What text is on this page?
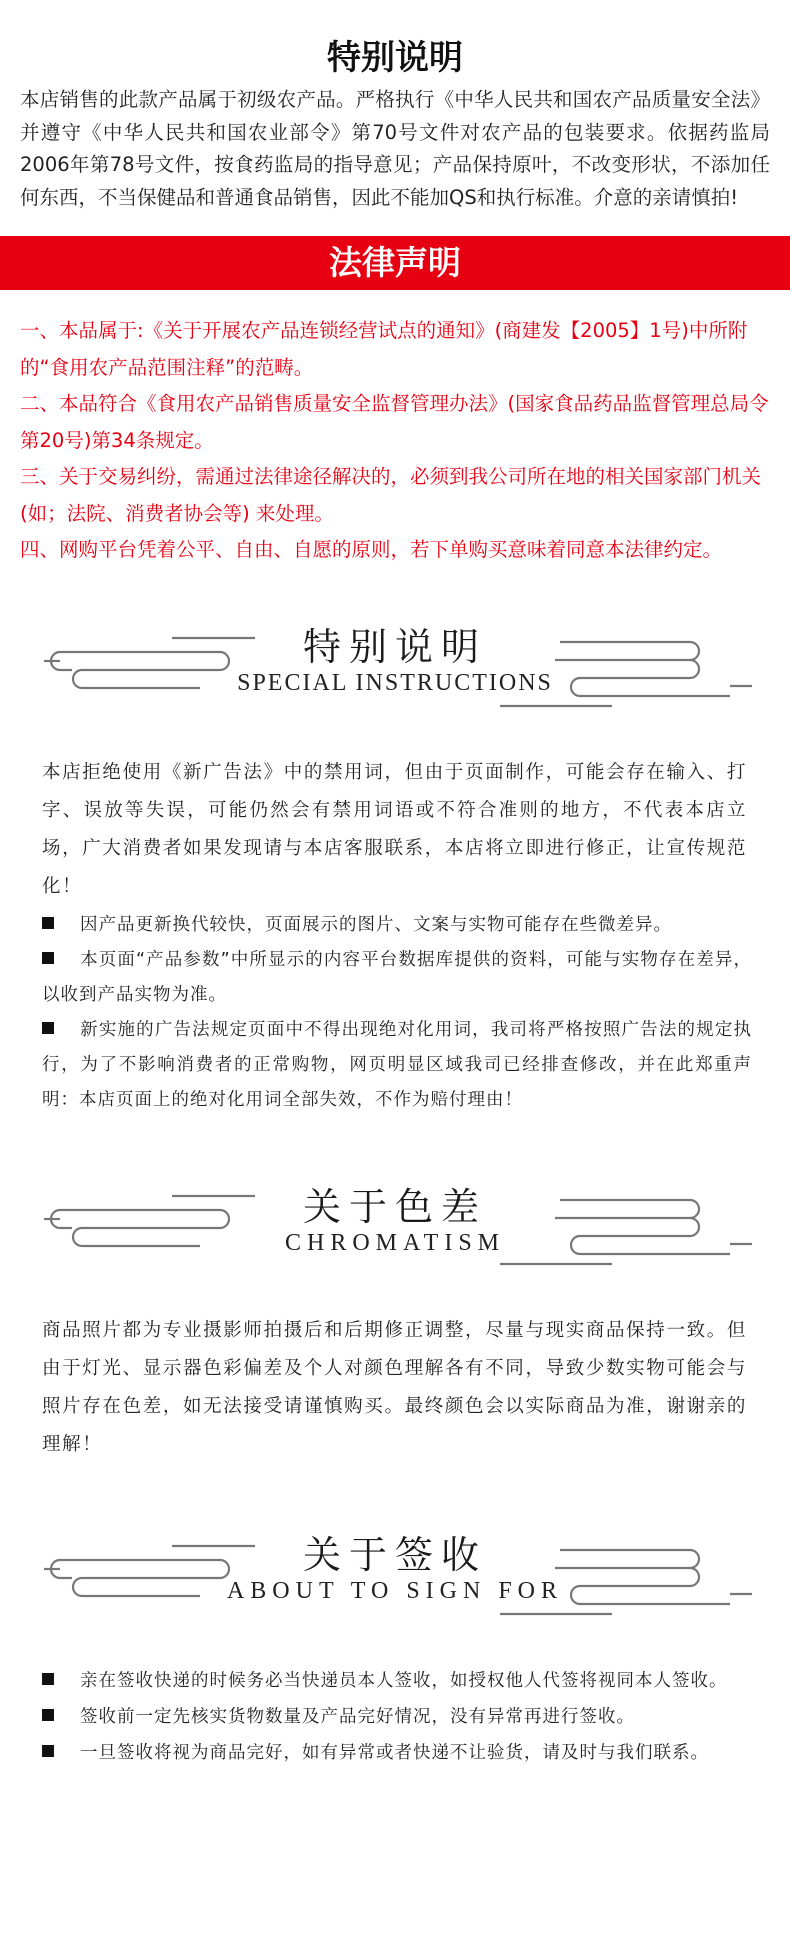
特别说明
本店销售的此款产品属于初级农产品。严格执行《中华人民共和国农产品质量安全法》并遵守《中华人民共和国农业部令》第70号文件对农产品的包装要求。依据药监局2006年第78号文件，按食药监局的指导意见；产品保持原叶，不改变形状，不添加任何东西，不当保健品和普通食品销售，因此不能加QS和执行标准。介意的亲请慎拍!
法律声明

一、本品属于:《关于开展农产品连锁经营试点的通知》(商建发【2005】1号)中所附的“食用农产品范围注释”的范畴。

二、本品符合《食用农产品销售质量安全监督管理办法》(国家食品药品监督管理总局令第20号)第34条规定。

三、关于交易纠纷，需通过法律途径解决的，必须到我公司所在地的相关国家部门机关 (如；法院、消费者协会等) 来处理。

四、网购平台凭着公平、自由、自愿的原则，若下单购买意味着同意本法律约定。

特别说明
SPECIAL INSTRUCTIONS
本店拒绝使用《新广告法》中的禁用词，但由于页面制作，可能会存在输入、打字、误放等失误，可能仍然会有禁用词语或不符合准则的地方，不代表本店立场，广大消费者如果发现请与本店客服联系，本店将立即进行修正，让宣传规范化！

因产品更新换代较快，页面展示的图片、文案与实物可能存在些微差异。

本页面“产品参数”中所显示的内容平台数据库提供的资料，可能与实物存在差异，以收到产品实物为准。

新实施的广告法规定页面中不得出现绝对化用词，我司将严格按照广告法的规定执行，为了不影响消费者的正常购物，网页明显区域我司已经排查修改，并在此郑重声明：本店页面上的绝对化用词全部失效，不作为赔付理由！

关于色差
CHROMATISM
商品照片都为专业摄影师拍摄后和后期修正调整，尽量与现实商品保持一致。但由于灯光、显示器色彩偏差及个人对颜色理解各有不同，导致少数实物可能会与照片存在色差，如无法接受请谨慎购买。最终颜色会以实际商品为准，谢谢亲的理解！
关于签收
ABOUT TO SIGN FOR

亲在签收快递的时候务必当快递员本人签收，如授权他人代签将视同本人签收。

签收前一定先核实货物数量及产品完好情况，没有异常再进行签收。

一旦签收将视为商品完好，如有异常或者快递不让验货，请及时与我们联系。
